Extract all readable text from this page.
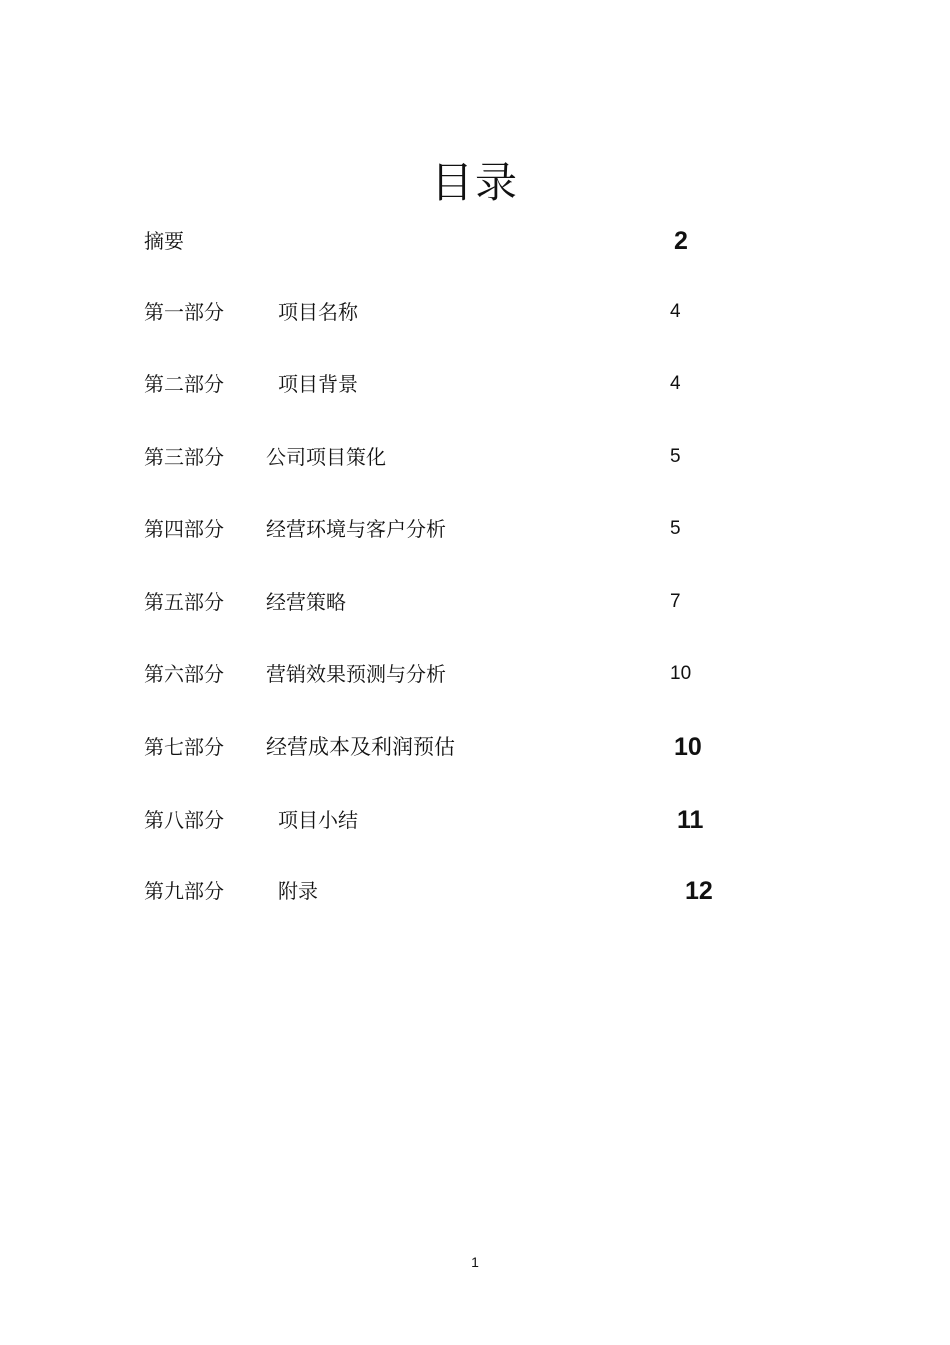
目录
摘要	2
第一部分	项目名称	4
第二部分	项目背景	4
第三部分 公司项目策化	5
第四部分 经营环境与客户分析	5
第五部分 经营策略	7
第六部分 营销效果预测与分析	10
第七部分 经营成本及利润预估	10
第八部分	项目小结	11
第九部分	附录	12
1
